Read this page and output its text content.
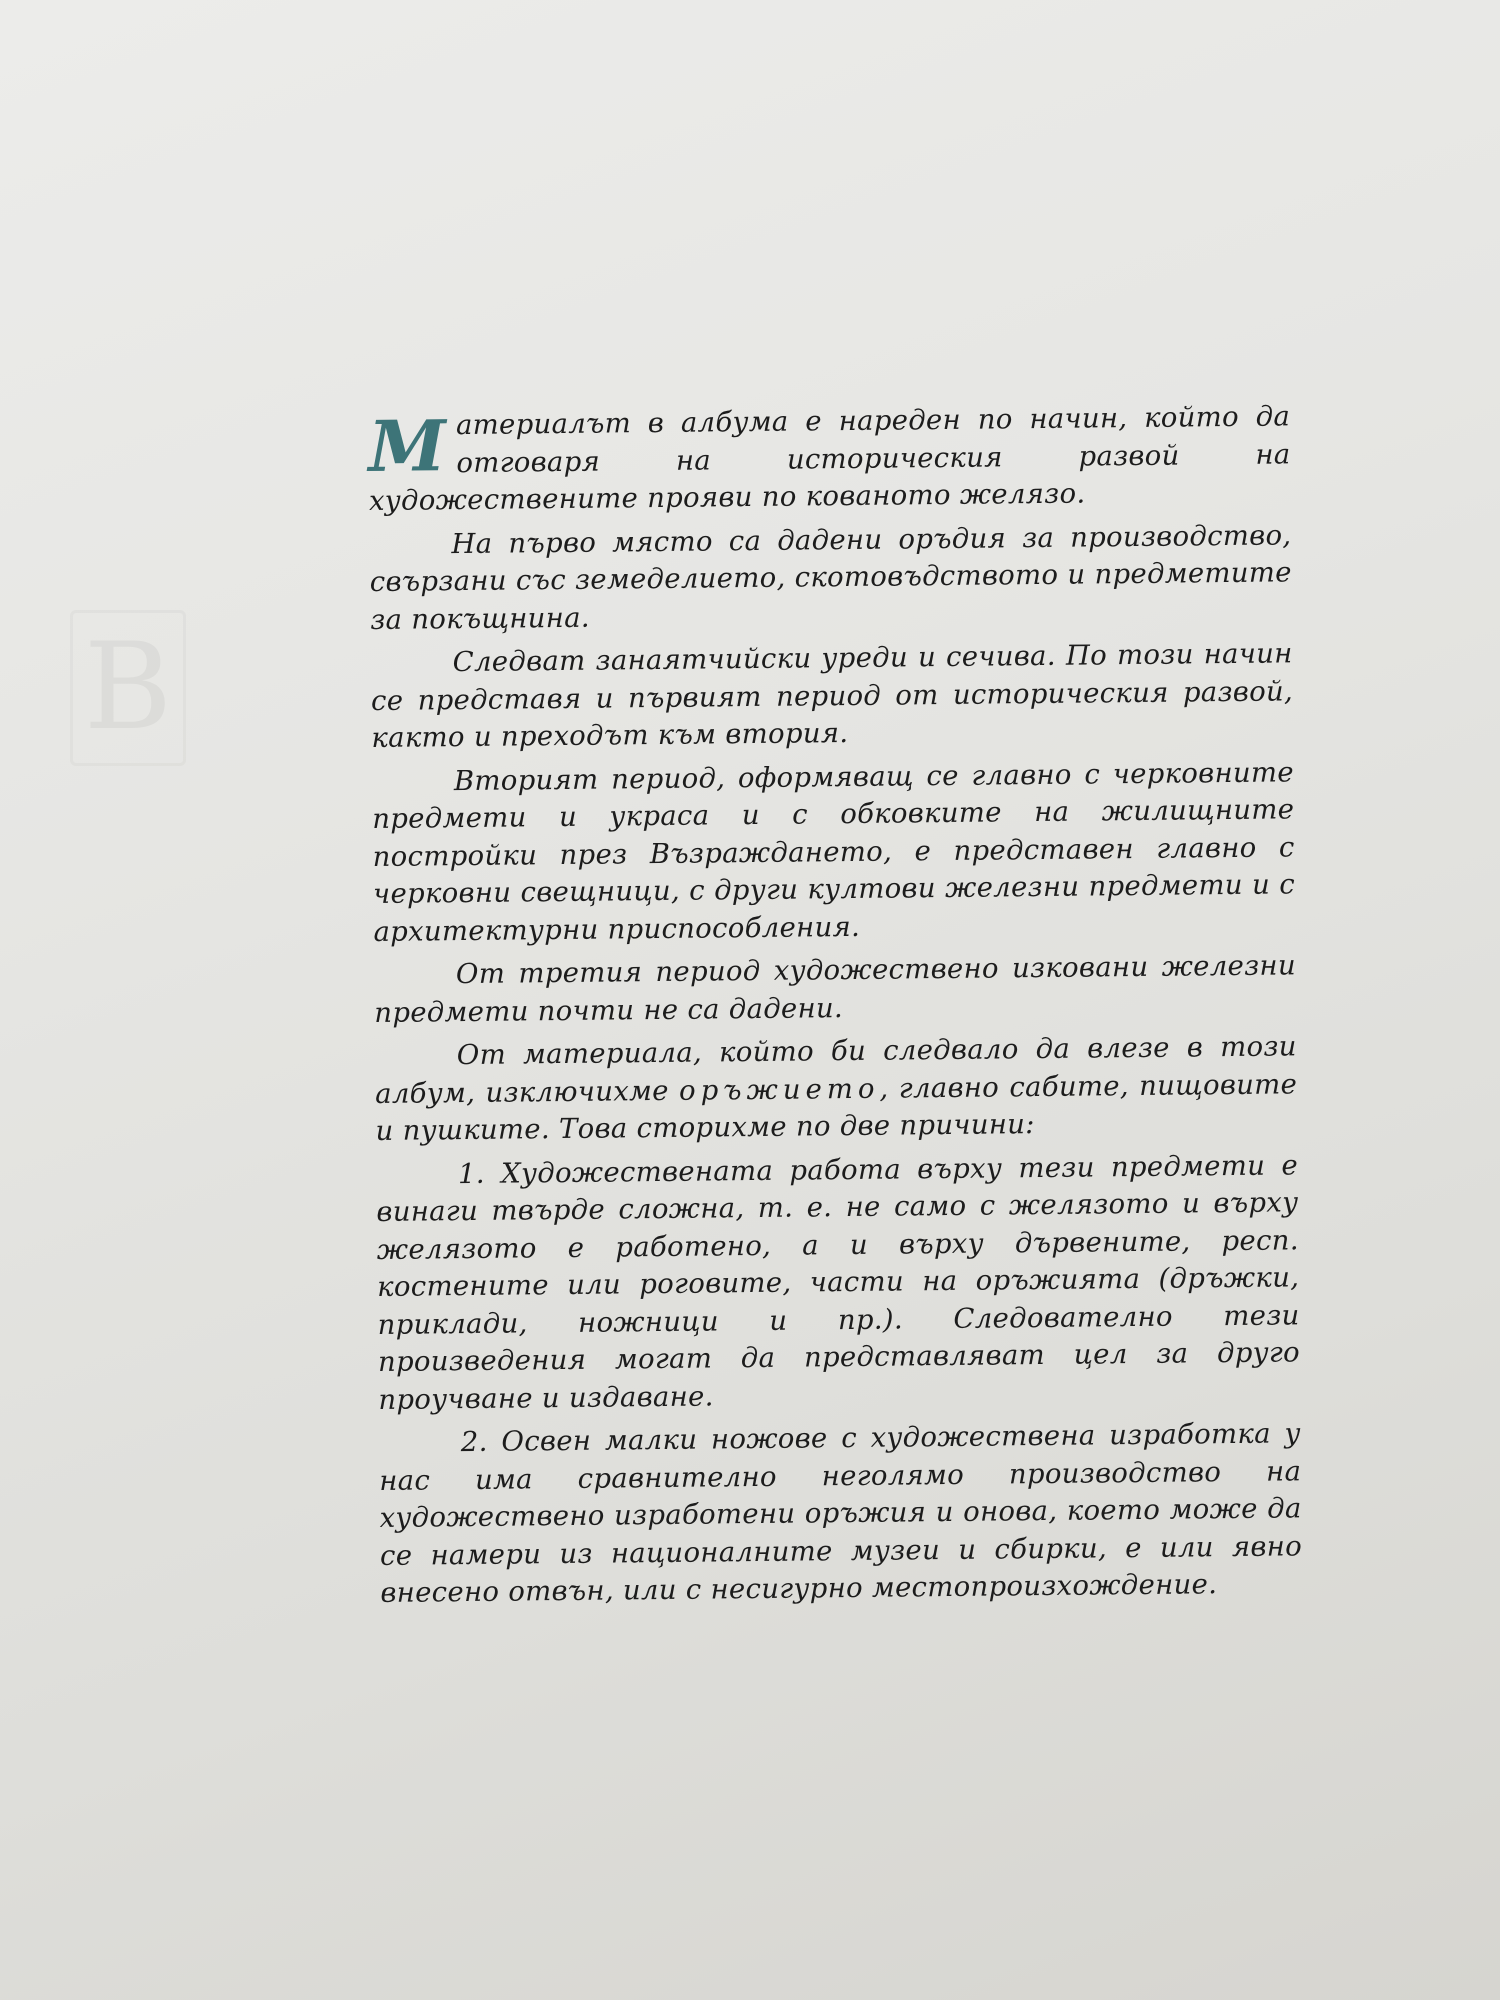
В

Материалът в албума е нареден по начин, който да отговаря на историческия развой на художествените прояви по кованото желязо.

На първо място са дадени оръдия за производство, свързани със земеделието, скотовъдството и предметите за покъщнина.

Следват занаятчийски уреди и сечива. По този начин се представя и първият период от историческия развой, както и преходът към втория.

Вторият период, оформяващ се главно с черковните предмети и украса и с обковките на жилищните постройки през Възраждането, е представен главно с черковни свещници, с други култови железни предмети и с архитектурни приспособления.

От третия период художествено изковани железни предмети почти не са дадени.

От материала, който би следвало да влезе в този албум, изключихме оръжието, главно сабите, пищовите и пушките. Това сторихме по две причини:

1. Художествената работа върху тези предмети е винаги твърде сложна, т. е. не само с желязото и върху желязото е работено, а и върху дървените, респ. костените или роговите, части на оръжията (дръжки, приклади, ножници и пр.). Следователно тези произведения могат да представляват цел за друго проучване и издаване.

2. Освен малки ножове с художествена изработка у нас има сравнително неголямо производство на художествено изработени оръжия и онова, което може да се намери из националните музеи и сбирки, е или явно внесено отвън, или с несигурно местопроизхождение.
